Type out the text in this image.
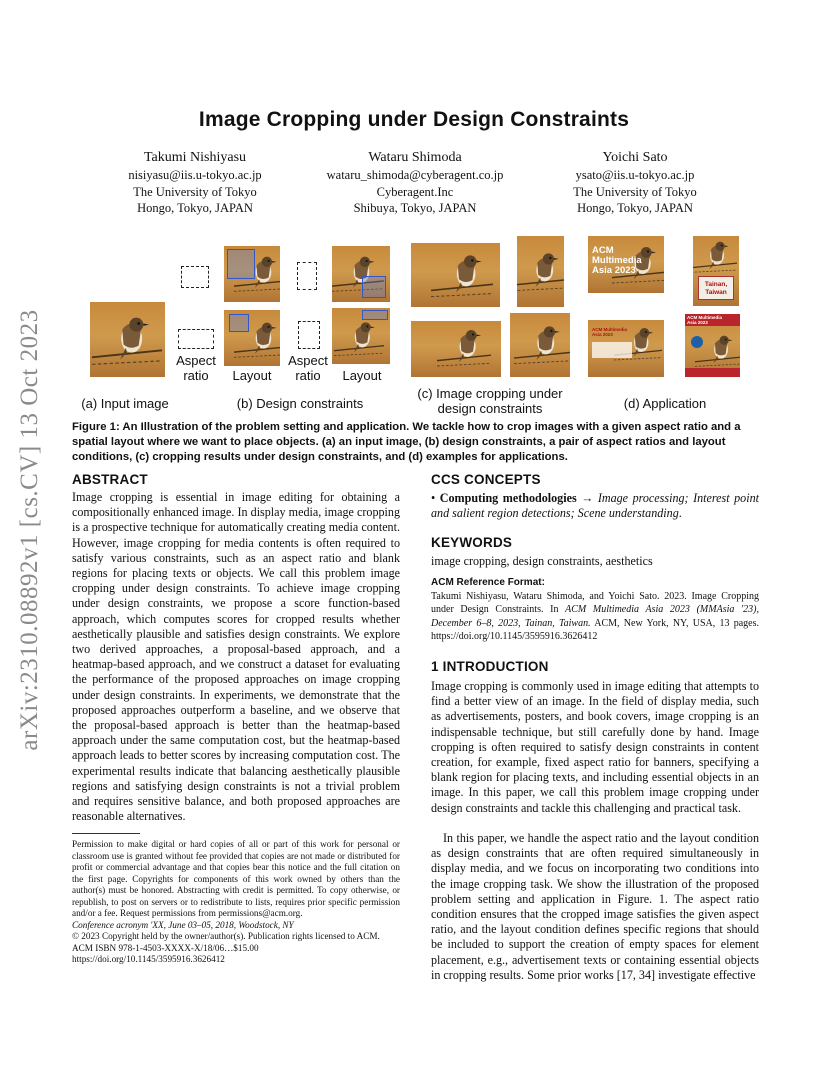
arXiv:2310.08892v1 [cs.CV] 13 Oct 2023
Image Cropping under Design Constraints
Takumi Nishiyasu
nisiyasu@iis.u-tokyo.ac.jp
The University of Tokyo
Hongo, Tokyo, JAPAN
Wataru Shimoda
wataru_shimoda@cyberagent.co.jp
Cyberagent.Inc
Shibuya, Tokyo, JAPAN
Yoichi Sato
ysato@iis.u-tokyo.ac.jp
The University of Tokyo
Hongo, Tokyo, JAPAN
Aspect
ratio	Layout
Aspect
ratio	Layout
ACM
Multimedia
Asia 2023
Tainan,
Taiwan
ACM Multimedia
Asia 2023
ACM Multimedia
Asia 2023
(a) Input image	(b) Design constraints
(c) Image cropping under
design constraints	(d) Application
Figure 1: An Illustration of the problem setting and application. We tackle how to crop images with a given aspect ratio and a spatial layout where we want to place objects. (a) an input image, (b) design constraints, a pair of aspect ratios and layout conditions, (c) cropping results under design constraints, and (d) examples for applications.
ABSTRACT
Image cropping is essential in image editing for obtaining a compositionally enhanced image. In display media, image cropping is a prospective technique for automatically creating media content. However, image cropping for media contents is often required to satisfy various constraints, such as an aspect ratio and blank regions for placing texts or objects. We call this problem image cropping under design constraints. To achieve image cropping under design constraints, we propose a score function-based approach, which computes scores for cropped results whether aesthetically plausible and satisfies design constraints. We explore two derived approaches, a proposal-based approach, and a heatmap-based approach, and we construct a dataset for evaluating the performance of the proposed approaches on image cropping under design constraints. In experiments, we demonstrate that the proposed approaches outperform a baseline, and we observe that the proposal-based approach is better than the heatmap-based approach under the same computation cost, but the heatmap-based approach leads to better scores by increasing computation cost. The experimental results indicate that balancing aesthetically plausible regions and satisfying design constraints is not a trivial problem and requires sensitive balance, and both proposed approaches are reasonable alternatives.
Permission to make digital or hard copies of all or part of this work for personal or classroom use is granted without fee provided that copies are not made or distributed for profit or commercial advantage and that copies bear this notice and the full citation on the first page. Copyrights for components of this work owned by others than the author(s) must be honored. Abstracting with credit is permitted. To copy otherwise, or republish, to post on servers or to redistribute to lists, requires prior specific permission and/or a fee. Request permissions from permissions@acm.org.
Conference acronym 'XX, June 03–05, 2018, Woodstock, NY
© 2023 Copyright held by the owner/author(s). Publication rights licensed to ACM.
ACM ISBN 978-1-4503-XXXX-X/18/06…$15.00
https://doi.org/10.1145/3595916.3626412
CCS CONCEPTS
• Computing methodologies → Image processing; Interest point and salient region detections; Scene understanding.
KEYWORDS
image cropping, design constraints, aesthetics
ACM Reference Format:
Takumi Nishiyasu, Wataru Shimoda, and Yoichi Sato. 2023. Image Cropping under Design Constraints. In ACM Multimedia Asia 2023 (MMAsia '23), December 6–8, 2023, Tainan, Taiwan. ACM, New York, NY, USA, 13 pages. https://doi.org/10.1145/3595916.3626412
1 INTRODUCTION
Image cropping is commonly used in image editing that attempts to find a better view of an image. In the field of display media, such as advertisements, posters, and book covers, image cropping is an indispensable technique, but still carefully done by hand. Image cropping is often required to satisfy design constraints in content creation, for example, fixed aspect ratio for banners, specifying a blank region for placing texts, and including essential objects in an image. In this paper, we call this problem image cropping under design constraints and tackle this challenging and practical task.
In this paper, we handle the aspect ratio and the layout condition as design constraints that are often required simultaneously in display media, and we focus on incorporating two conditions into the image cropping task. We show the illustration of the proposed problem setting and application in Figure. 1. The aspect ratio condition ensures that the cropped image satisfies the given aspect ratio, and the layout condition defines specific regions that should be included to support the creation of empty spaces for element placement, e.g., advertisement texts or containing essential objects in cropping results. Some prior works [17, 34] investigate effective
